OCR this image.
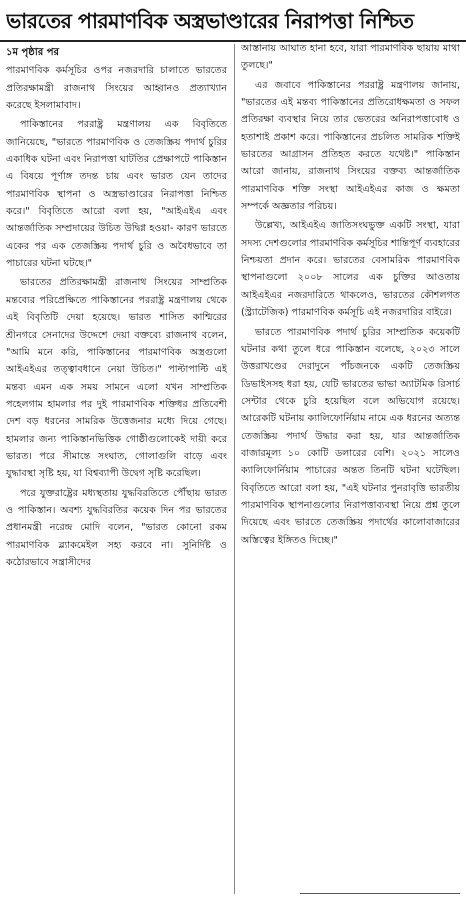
ভারতের পারমাণবিক অস্ত্রভাণ্ডারের নিরাপত্তা নিশ্চিত
১ম পৃষ্ঠার পর

পারমাণবিক কর্মসূচির ওপর নজরদারি চালাতে ভারতের প্রতিরক্ষামন্ত্রী রাজনাথ সিংয়ের আহ্বানও প্রত্যাখ্যান করেছে ইসলামাবাদ।

পাকিস্তানের পররাষ্ট্র মন্ত্রণালয় এক বিবৃতিতে জানিয়েছে, "ভারতে পারমাণবিক ও তেজস্ক্রিয় পদার্থ চুরির একাধিক ঘটনা এবং নিরাপত্তা ঘাটতির প্রেক্ষাপটে পাকিস্তান এ বিষয়ে পূর্ণাঙ্গ তদন্ত চায় এবং ভারত যেন তাদের পারমাণবিক স্থাপনা ও অস্ত্রভাণ্ডারের নিরাপত্তা নিশ্চিত করে।" বিবৃতিতে আরো বলা হয়, "আইএইএ এবং আন্তর্জাতিক সম্প্রদায়ের উচিত উদ্বিগ্ন হওয়া- কারণ ভারতে একের পর এক তেজস্ক্রিয় পদার্থ চুরি ও অবৈধভাবে তা পাচারের ঘটনা ঘটছে।"

ভারতের প্রতিরক্ষামন্ত্রী রাজনাথ সিংয়ের সাম্প্রতিক মন্তব্যের পরিপ্রেক্ষিতে পাকিস্তানের পররাষ্ট্র মন্ত্রণালয় থেকে এই বিবৃতিটি দেয়া হয়েছে। ভারত শাসিত কাশ্মিরের শ্রীনগরে সেনাদের উদ্দেশে দেয়া বক্তব্যে রাজনাথ বলেন, "আমি মনে করি, পাকিস্তানের পারমাণবিক অস্ত্রগুলো আইএইএর তত্ত্বাবধানে নেয়া উচিত।" পাল্টাপাল্টি এই মন্তব্য এমন এক সময় সামনে এলো যখন সাম্প্রতিক পহেলগাম হামলার পর দুই পারমাণবিক শক্তিধর প্রতিবেশী দেশ বড় ধরনের সামরিক উত্তেজনার মধ্যে দিয়ে গেছে। হামলার জন্য পাকিস্তানভিত্তিক গোষ্ঠীগুলোকেই দায়ী করে ভারত। পরে সীমান্তে সংঘাত, গোলাগুলি বাড়ে এবং যুদ্ধাবস্থা সৃষ্টি হয়, যা বিশ্বব্যাপী উদ্বেগ সৃষ্টি করেছিল।

পরে যুক্তরাষ্ট্রের মধ্যস্থতায় যুদ্ধবিরতিতে পৌঁছায় ভারত ও পাকিস্তান। অবশ্য যুদ্ধবিরতির কয়েক দিন পর ভারতের প্রধানমন্ত্রী নরেন্দ্র মোদি বলেন, "ভারত কোনো রকম পারমাণবিক ব্ল্যাকমেইল সহ্য করবে না। সুনির্দিষ্ট ও কঠোরভাবে সন্ত্রাসীদের

আস্তানায় আঘাত হানা হবে, যারা পারমাণবিক ছায়ায় মাথা তুলছে।"

এর জবাবে পাকিস্তানের পররাষ্ট্র মন্ত্রণালয় জানায়, "ভারতের এই মন্তব্য পাকিস্তানের প্রতিরোধক্ষমতা ও সফল প্রতিরক্ষা ব্যবস্থার নিয়ে তার ভেতরের অনিরাপত্তাবোধ ও হতাশাই প্রকাশ করে। পাকিস্তানের প্রচলিত সামরিক শক্তিই ভারতের আগ্রাসন প্রতিহত করতে যথেষ্ট।" পাকিস্তান আরো জানায়, রাজনাথ সিংয়ের বক্তব্য আন্তর্জাতিক পারমাণবিক শক্তি সংস্থা আইএইএর কাজ ও ক্ষমতা সম্পর্কে অজ্ঞতার পরিচয়।

উল্লেখ্য, আইএইএ জাতিসংঘভুক্ত একটি সংস্থা, যারা সদস্য দেশগুলোর পারমাণবিক কর্মসূচির শান্তিপূর্ণ ব্যবহারের নিশ্চয়তা প্রদান করে। ভারতের বেসামরিক পারমাণবিক স্থাপনাগুলো ২০০৮ সালের এক চুক্তির আওতায় আইএইএর নজরদারিতে থাকলেও, ভারতের কৌশলগত (স্ট্র্যাটেজিক) পারমাণবিক কর্মসূচি এই নজরদারির বাইরে।

ভারতে পারমাণবিক পদার্থ চুরির সাম্প্রতিক কয়েকটি ঘটনার কথা তুলে ধরে পাকিস্তান বলেছে, ২০২৩ সালে উত্তরাখণ্ডের দেরাদুনে পাঁচজনকে একটি তেজস্ক্রিয় ডিভাইসসহ ধরা হয়, যেটি ভারতের ভাভা অ্যাটমিক রিসার্চ সেন্টার থেকে চুরি হয়েছিল বলে অভিযোগ রয়েছে। আরেকটি ঘটনায় ক্যালিফোর্নিয়াম নামে এক ধরনের অত্যন্ত তেজস্ক্রিয় পদার্থ উদ্ধার করা হয়, যার আন্তর্জাতিক বাজারমূল্য ১০ কোটি ডলারের বেশি। ২০২১ সালেও ক্যালিফোর্নিয়াম পাচারের অন্তত তিনটি ঘটনা ঘটেছিল। বিবৃতিতে আরো বলা হয়, "এই ঘটনার পুনরাবৃত্তি ভারতীয় পারমাণবিক স্থাপনাগুলোর নিরাপত্তাব্যবস্থা নিয়ে প্রশ্ন তুলে দিয়েছে এবং ভারতে তেজস্ক্রিয় পদার্থের কালোবাজারের অস্তিত্বের ইঙ্গিতও দিচ্ছে।"
